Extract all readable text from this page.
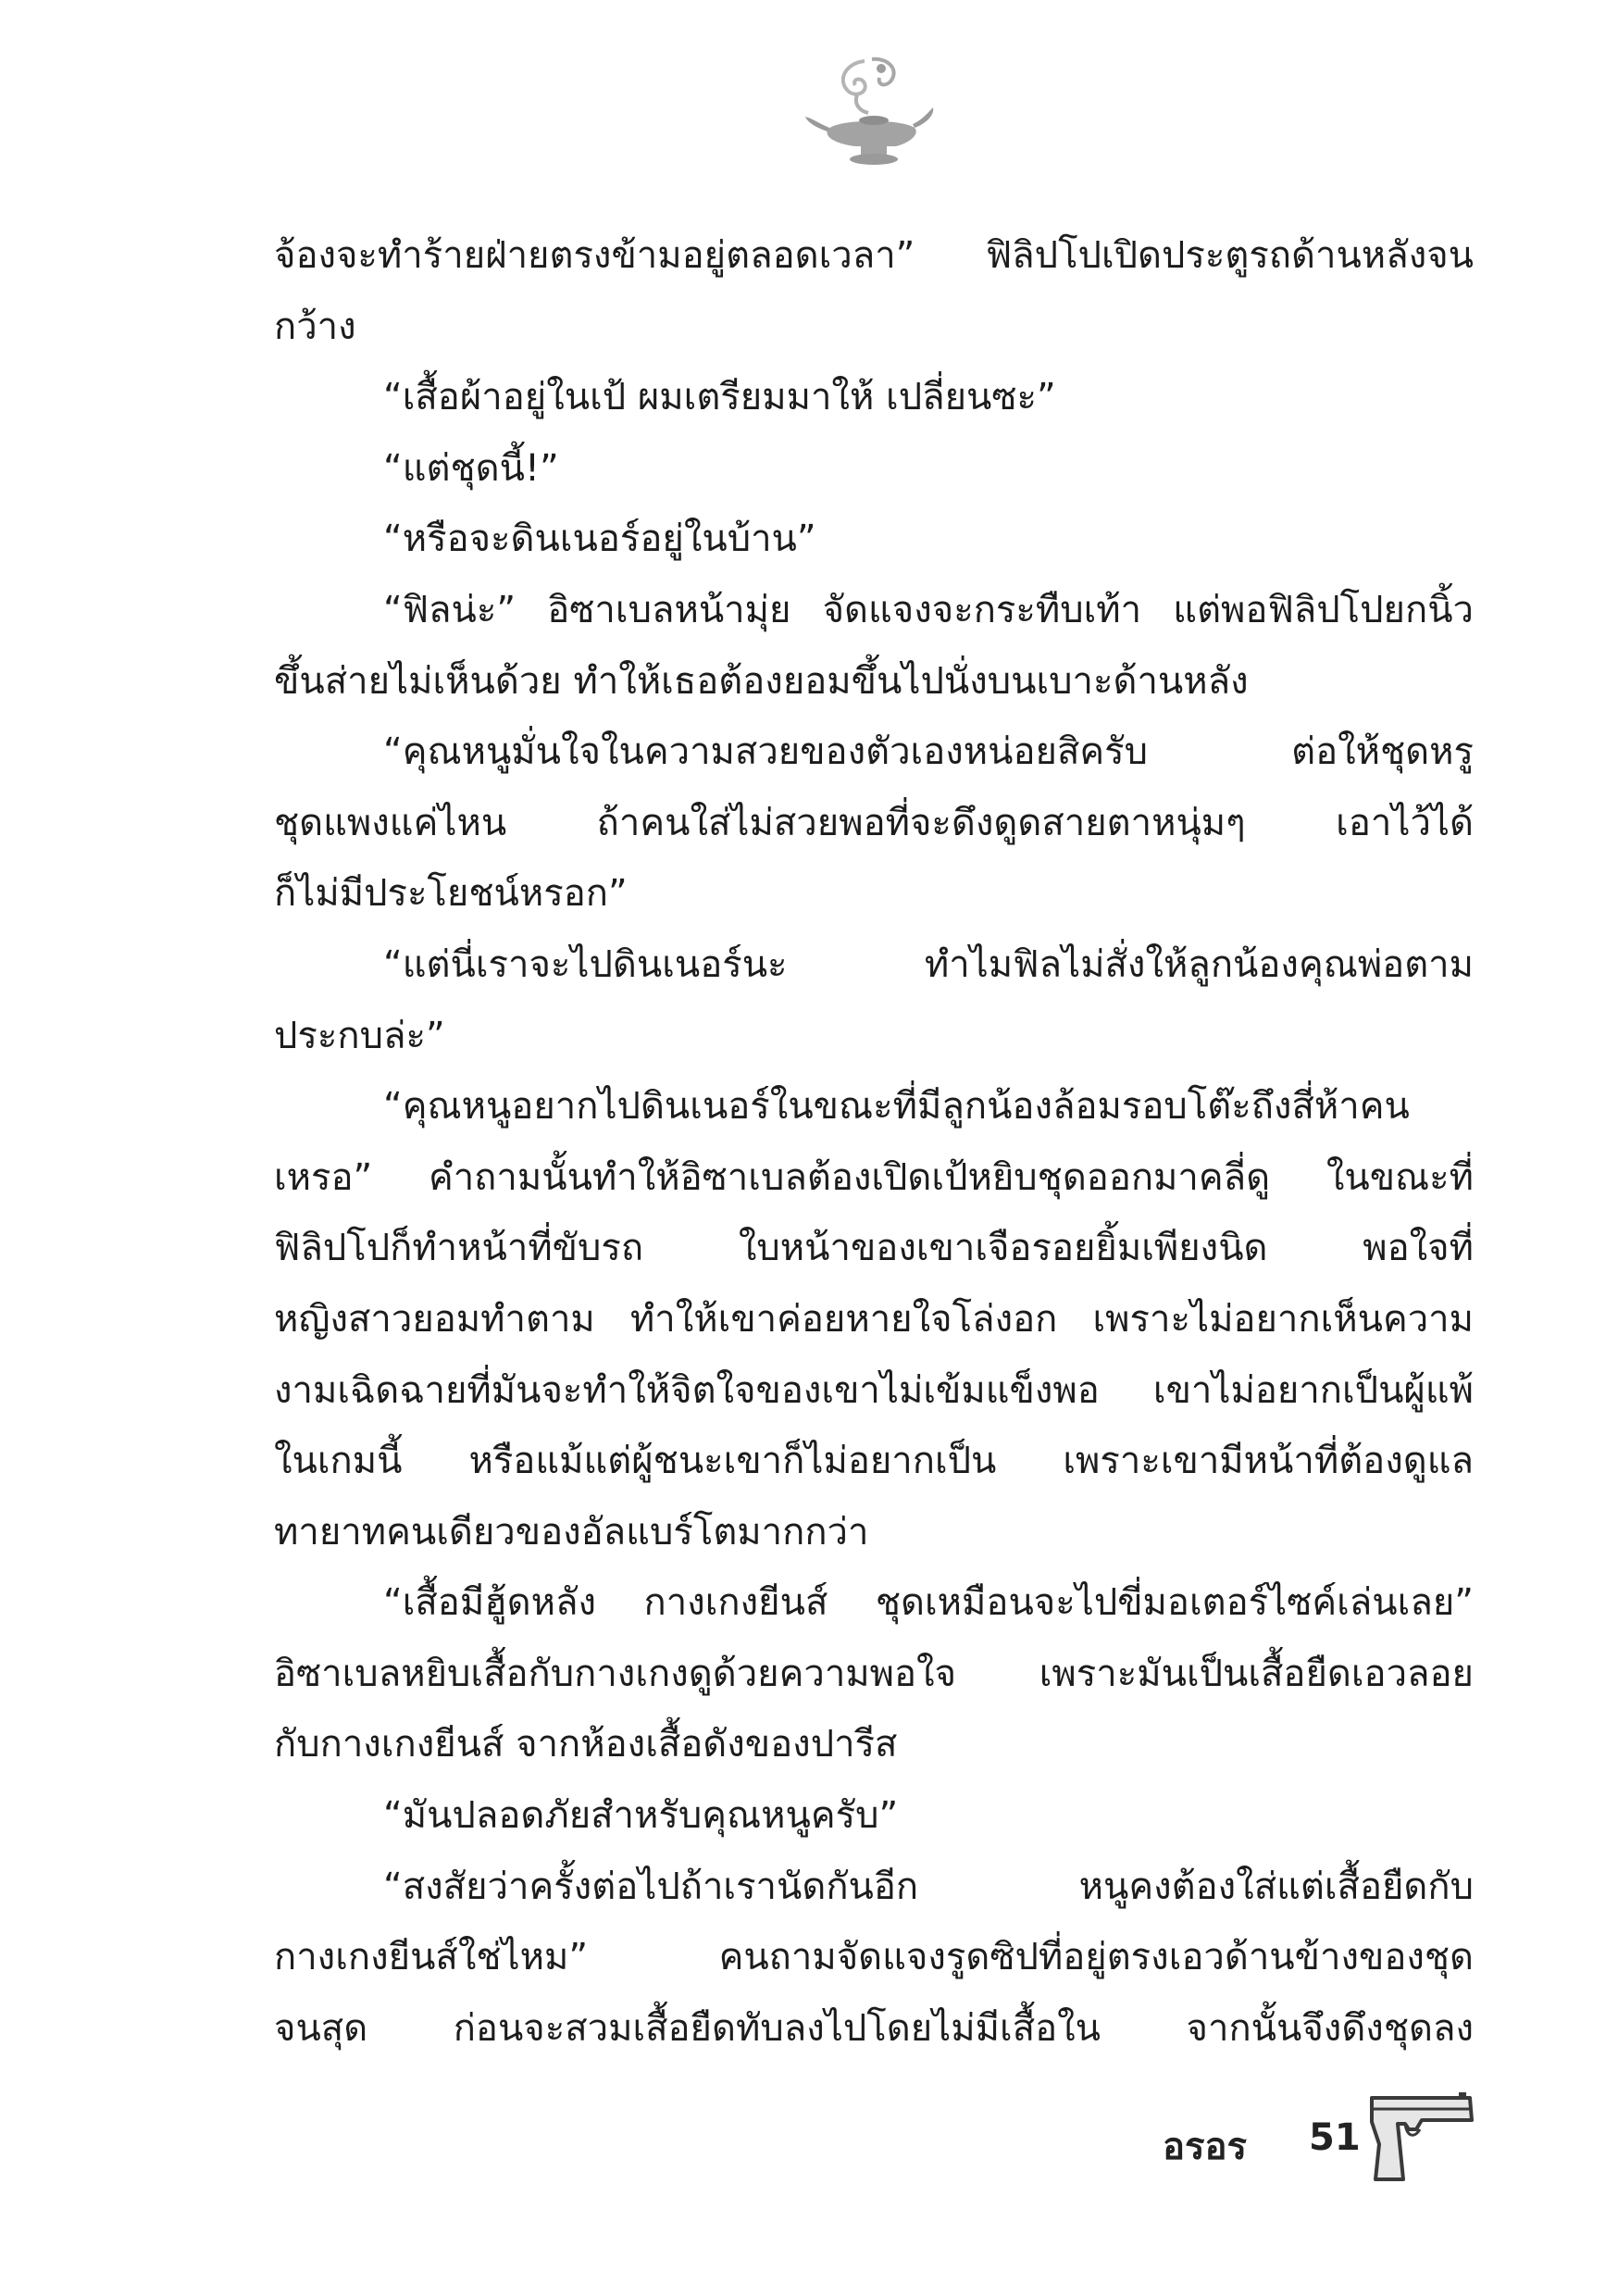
จ้องจะทำร้ายฝ่ายตรงข้ามอยู่ตลอดเวลา” ฟิลิปโปเปิดประตูรถด้านหลังจน
กว้าง
“เสื้อผ้าอยู่ในเป้ ผมเตรียมมาให้ เปลี่ยนซะ”
“แต่ชุดนี้!”
“หรือจะดินเนอร์อยู่ในบ้าน”
“ฟิลน่ะ” อิซาเบลหน้ามุ่ย จัดแจงจะกระทืบเท้า แต่พอฟิลิปโปยกนิ้ว
ขึ้นส่ายไม่เห็นด้วย ทำให้เธอต้องยอมขึ้นไปนั่งบนเบาะด้านหลัง
“คุณหนูมั่นใจในความสวยของตัวเองหน่อยสิครับ ต่อให้ชุดหรู
ชุดแพงแค่ไหน ถ้าคนใส่ไม่สวยพอที่จะดึงดูดสายตาหนุ่มๆ เอาไว้ได้
ก็ไม่มีประโยชน์หรอก”
“แต่นี่เราจะไปดินเนอร์นะ ทำไมฟิลไม่สั่งให้ลูกน้องคุณพ่อตาม
ประกบล่ะ”
“คุณหนูอยากไปดินเนอร์ในขณะที่มีลูกน้องล้อมรอบโต๊ะถึงสี่ห้าคน
เหรอ” คำถามนั้นทำให้อิซาเบลต้องเปิดเป้หยิบชุดออกมาคลี่ดู ในขณะที่
ฟิลิปโปก็ทำหน้าที่ขับรถ ใบหน้าของเขาเจือรอยยิ้มเพียงนิด พอใจที่
หญิงสาวยอมทำตาม ทำให้เขาค่อยหายใจโล่งอก เพราะไม่อยากเห็นความ
งามเฉิดฉายที่มันจะทำให้จิตใจของเขาไม่เข้มแข็งพอ เขาไม่อยากเป็นผู้แพ้
ในเกมนี้ หรือแม้แต่ผู้ชนะเขาก็ไม่อยากเป็น เพราะเขามีหน้าที่ต้องดูแล
ทายาทคนเดียวของอัลแบร์โตมากกว่า
“เสื้อมีฮู้ดหลัง กางเกงยีนส์ ชุดเหมือนจะไปขี่มอเตอร์ไซค์เล่นเลย”
อิซาเบลหยิบเสื้อกับกางเกงดูด้วยความพอใจ เพราะมันเป็นเสื้อยืดเอวลอย
กับกางเกงยีนส์ จากห้องเสื้อดังของปารีส
“มันปลอดภัยสำหรับคุณหนูครับ”
“สงสัยว่าครั้งต่อไปถ้าเรานัดกันอีก หนูคงต้องใส่แต่เสื้อยืดกับ
กางเกงยีนส์ใช่ไหม” คนถามจัดแจงรูดซิปที่อยู่ตรงเอวด้านข้างของชุด
จนสุด ก่อนจะสวมเสื้อยืดทับลงไปโดยไม่มีเสื้อใน จากนั้นจึงดึงชุดลง
อรอร 51
